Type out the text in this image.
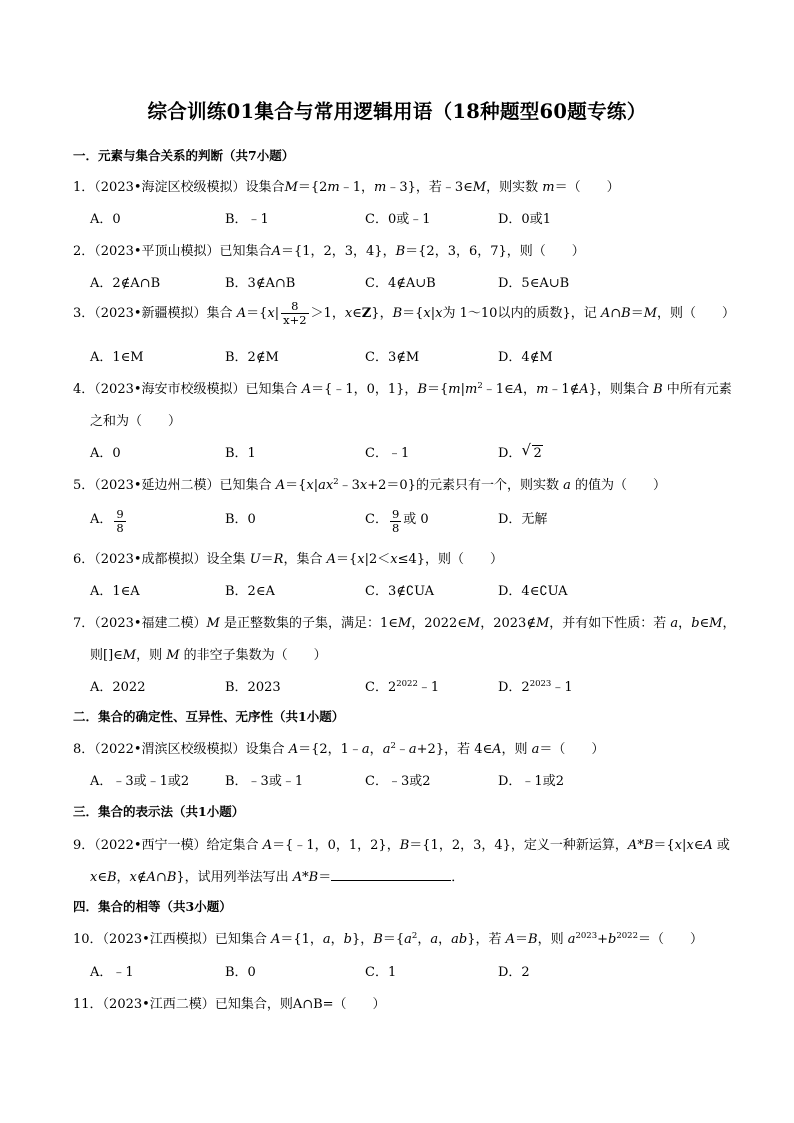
综合训练01集合与常用逻辑用语（18种题型60题专练）
一．元素与集合关系的判断（共7小题）
1．（2023•海淀区校级模拟）设集合M＝{2m﹣1，m﹣3}，若﹣3∈M，则实数 m＝（　　）
A．0	B．﹣1	C．0或﹣1	D．0或1
2．（2023•平顶山模拟）已知集合A＝{1，2，3，4}，B＝{2，3，6，7}，则（　　）
A．2∉A∩B	B．3∉A∩B	C．4∉A∪B	D．5∈A∪B
3．（2023•新疆模拟）集合 $A=\{x| \frac{8}{x+2} >1$，x∈Z}，B＝{x|x为 1～10以内的质数}，记 A∩B＝M，则（　　）
A．1∈M	B．2∉M	C．3∉M	D．4∉M
4．（2023•海安市校级模拟）已知集合 A＝{﹣1，0，1}，$B=\{m|m^2﹣1\in A$，m﹣1∉A}，则集合 B 中所有元素
之和为（　　）
A．0	B．1	C．﹣1	D． √ 2
5．（2023•延边州二模）已知集合 $A=\{x|ax^2﹣3x+2=0\}$的元素只有一个，则实数 a 的值为（　　）
A． $\frac{9}{8}$	B．0	C． $\frac{9}{8}$ 或 0	D．无解
6．（2023•成都模拟）设全集 U＝R，集合 A＝{x|2＜x≤4}，则（　　）
A．1∈A	B．2∈A	C．3∉∁UA	D．4∈∁UA
7．（2023•福建二模）M 是正整数集的子集，满足：1∈M，2022∈M，2023∉M，并有如下性质：若 a，b∈M，
则[]∈M，则 M 的非空子集数为（　　）
A．2022	B．2023	C．$2^{2022}﹣1$	D．$2^{2023}﹣1$
二．集合的确定性、互异性、无序性（共1小题）
8．（2022•渭滨区校级模拟）设集合 A＝{2，1﹣a，$a^2﹣a+2$}，若 4∈A，则 a＝（　　）
A．﹣3或﹣1或2	B．﹣3或﹣1	C．﹣3或2	D．﹣1或2
三．集合的表示法（共1小题）
9．（2022•西宁一模）给定集合 A＝{﹣1，0，1，2}，B＝{1，2，3，4}，定义一种新运算，A*B＝{x|x∈A 或
x∈B，x∉A∩B}，试用列举法写出 A*B＝	．
四．集合的相等（共3小题）
10．（2023•江西模拟）已知集合 A＝{1，a，b}，$B=\{a^2$，a，ab}，若 A＝B，则 $a^{2023}+b^{2022}=$（　　）
A．﹣1	B．0	C．1	D．2
11．（2023•江西二模）已知集合，则A∩B=（　　）
